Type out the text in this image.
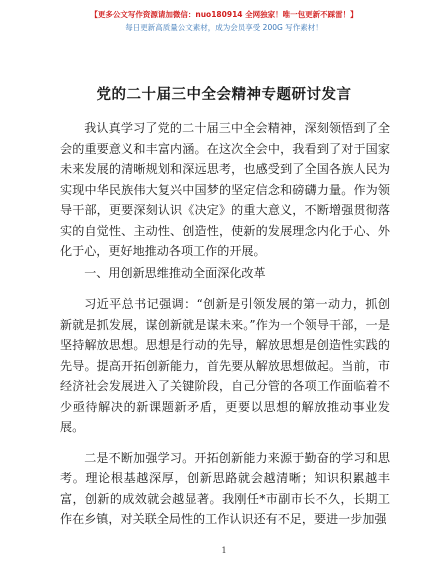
【更多公文写作资源请加微信：nuo180914 全网独家！唯一包更新不踩雷！】
每日更新高质量公文素材，成为会员享受 200G 写作素材！
党的二十届三中全会精神专题研讨发言

我认真学习了党的二十届三中全会精神，深刻领悟到了全会的重要意义和丰富内涵。在这次全会中，我看到了对于国家未来发展的清晰规划和深远思考，也感受到了全国各族人民为实现中华民族伟大复兴中国梦的坚定信念和磅礴力量。作为领导干部，更要深刻认识《决定》的重大意义，不断增强贯彻落实的自觉性、主动性、创造性，使新的发展理念内化于心、外化于心，更好地推动各项工作的开展。

一、用创新思维推动全面深化改革

习近平总书记强调：“创新是引领发展的第一动力，抓创新就是抓发展，谋创新就是谋未来。”作为一个领导干部，一是坚持解放思想。思想是行动的先导，解放思想是创造性实践的先导。提高开拓创新能力，首先要从解放思想做起。当前，市经济社会发展进入了关键阶段，自己分管的各项工作面临着不少亟待解决的新课题新矛盾，更要以思想的解放推动事业发展。

二是不断加强学习。开拓创新能力来源于勤奋的学习和思考。理论根基越深厚，创新思路就会越清晰；知识积累越丰富，创新的成效就会越显著。我刚任*市副市长不久，长期工作在乡镇，对关联全局性的工作认识还有不足，要进一步加强

1
